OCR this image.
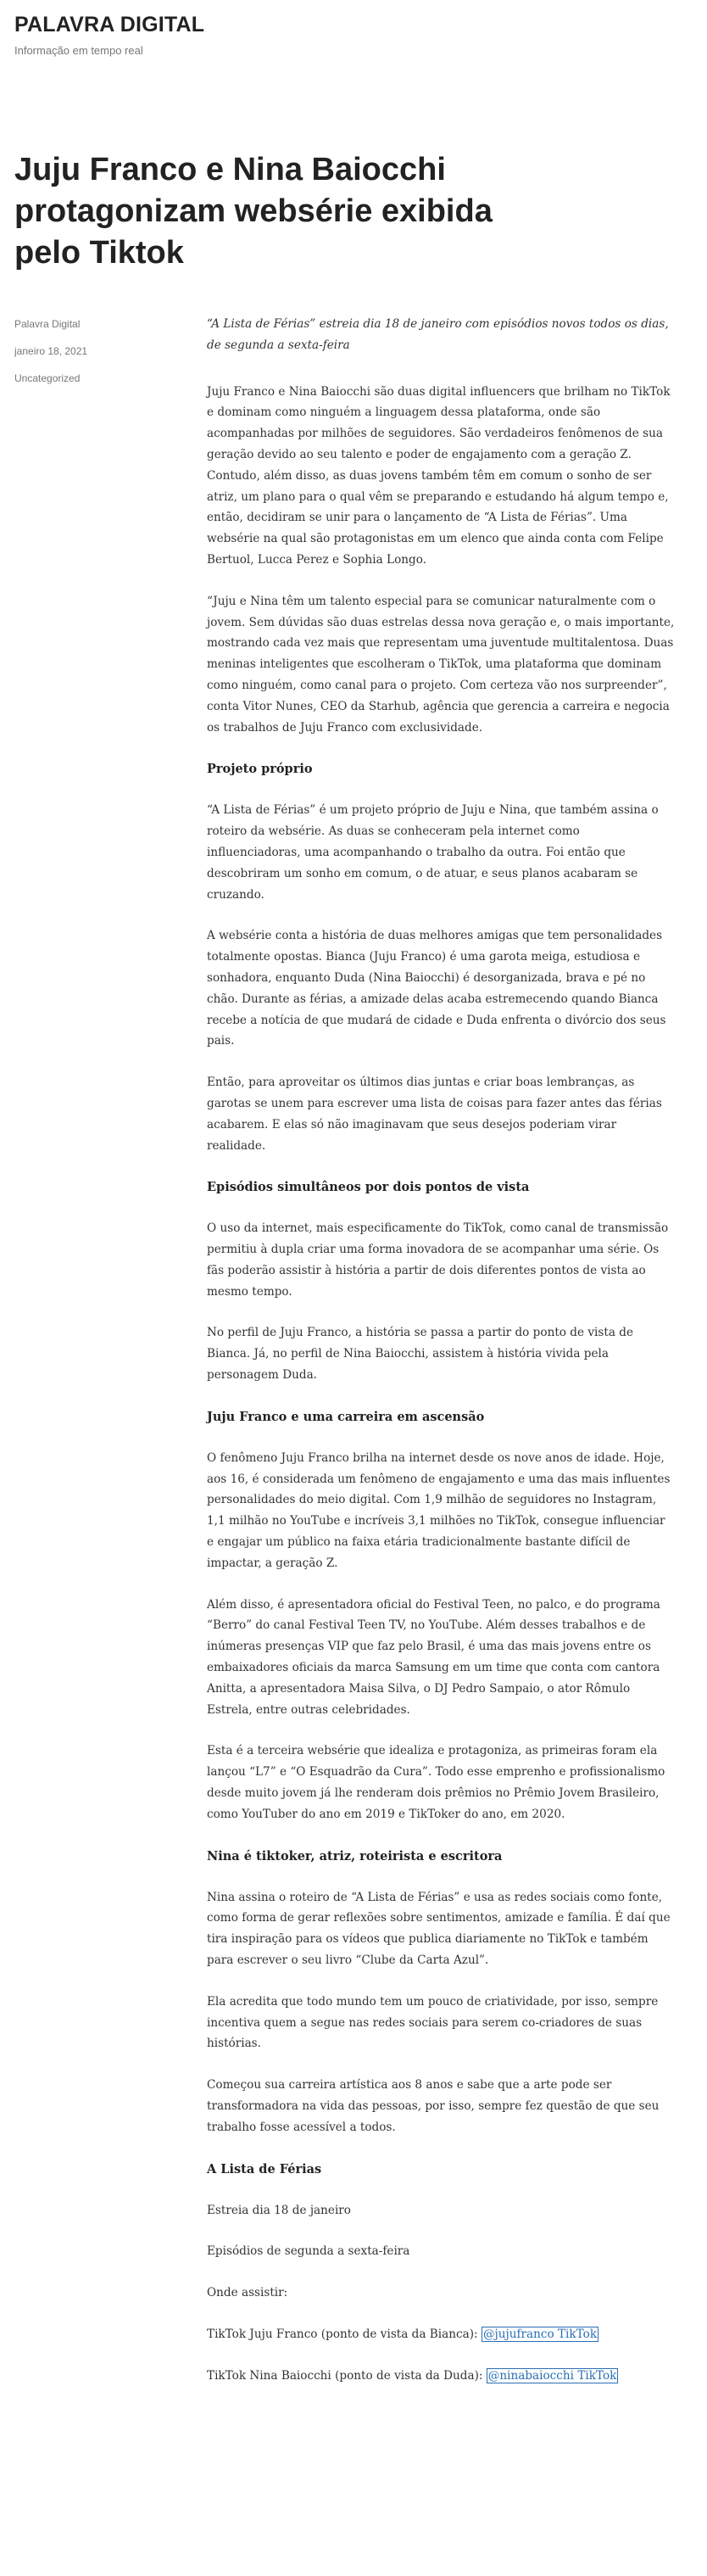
PALAVRA DIGITAL
Informação em tempo real
Juju Franco e Nina Baiocchi protagonizam websérie exibida pelo Tiktok
Palavra Digital
janeiro 18, 2021
Uncategorized

“A Lista de Férias” estreia dia 18 de janeiro com episódios novos todos os dias, de segunda a sexta-feira

Juju Franco e Nina Baiocchi são duas digital influencers que brilham no TikTok e dominam como ninguém a linguagem dessa plataforma, onde são acompanhadas por milhões de seguidores. São verdadeiros fenômenos de sua geração devido ao seu talento e poder de engajamento com a geração Z. Contudo, além disso, as duas jovens também têm em comum o sonho de ser atriz, um plano para o qual vêm se preparando e estudando há algum tempo e, então, decidiram se unir para o lançamento de “A Lista de Férias”. Uma websérie na qual são protagonistas em um elenco que ainda conta com Felipe Bertuol, Lucca Perez e Sophia Longo.

“Juju e Nina têm um talento especial para se comunicar naturalmente com o jovem. Sem dúvidas são duas estrelas dessa nova geração e, o mais importante, mostrando cada vez mais que representam uma juventude multitalentosa. Duas meninas inteligentes que escolheram o TikTok, uma plataforma que dominam como ninguém, como canal para o projeto. Com certeza vão nos surpreender”, conta Vitor Nunes, CEO da Starhub, agência que gerencia a carreira e negocia os trabalhos de Juju Franco com exclusividade.

Projeto próprio

“A Lista de Férias” é um projeto próprio de Juju e Nina, que também assina o roteiro da websérie. As duas se conheceram pela internet como influenciadoras, uma acompanhando o trabalho da outra. Foi então que descobriram um sonho em comum, o de atuar, e seus planos acabaram se cruzando.

A websérie conta a história de duas melhores amigas que tem personalidades totalmente opostas. Bianca (Juju Franco) é uma garota meiga, estudiosa e sonhadora, enquanto Duda (Nina Baiocchi) é desorganizada, brava e pé no chão. Durante as férias, a amizade delas acaba estremecendo quando Bianca recebe a notícia de que mudará de cidade e Duda enfrenta o divórcio dos seus pais.

Então, para aproveitar os últimos dias juntas e criar boas lembranças, as garotas se unem para escrever uma lista de coisas para fazer antes das férias acabarem. E elas só não imaginavam que seus desejos poderiam virar realidade.

Episódios simultâneos por dois pontos de vista

O uso da internet, mais especificamente do TikTok, como canal de transmissão permitiu à dupla criar uma forma inovadora de se acompanhar uma série. Os fãs poderão assistir à história a partir de dois diferentes pontos de vista ao mesmo tempo.

No perfil de Juju Franco, a história se passa a partir do ponto de vista de Bianca. Já, no perfil de Nina Baiocchi, assistem à história vivida pela personagem Duda.

Juju Franco e uma carreira em ascensão

O fenômeno Juju Franco brilha na internet desde os nove anos de idade. Hoje, aos 16, é considerada um fenômeno de engajamento e uma das mais influentes personalidades do meio digital. Com 1,9 milhão de seguidores no Instagram, 1,1 milhão no YouTube e incríveis 3,1 milhões no TikTok, consegue influenciar e engajar um público na faixa etária tradicionalmente bastante difícil de impactar, a geração Z.

Além disso, é apresentadora oficial do Festival Teen, no palco, e do programa “Berro” do canal Festival Teen TV, no YouTube. Além desses trabalhos e de inúmeras presenças VIP que faz pelo Brasil, é uma das mais jovens entre os embaixadores oficiais da marca Samsung em um time que conta com cantora Anitta, a apresentadora Maisa Silva, o DJ Pedro Sampaio, o ator Rômulo Estrela, entre outras celebridades.

Esta é a terceira websérie que idealiza e protagoniza, as primeiras foram ela lançou “L7” e “O Esquadrão da Cura”. Todo esse emprenho e profissionalismo desde muito jovem já lhe renderam dois prêmios no Prêmio Jovem Brasileiro, como YouTuber do ano em 2019 e TikToker do ano, em 2020.

Nina é tiktoker, atriz, roteirista e escritora

Nina assina o roteiro de “A Lista de Férias” e usa as redes sociais como fonte, como forma de gerar reflexões sobre sentimentos, amizade e família. É daí que tira inspiração para os vídeos que publica diariamente no TikTok e também para escrever o seu livro “Clube da Carta Azul”.

Ela acredita que todo mundo tem um pouco de criatividade, por isso, sempre incentiva quem a segue nas redes sociais para serem co-criadores de suas histórias.

Começou sua carreira artística aos 8 anos e sabe que a arte pode ser transformadora na vida das pessoas, por isso, sempre fez questão de que seu trabalho fosse acessível a todos.

A Lista de Férias

Estreia dia 18 de janeiro

Episódios de segunda a sexta-feira

Onde assistir:

TikTok Juju Franco (ponto de vista da Bianca): @jujufranco TikTok

TikTok Nina Baiocchi (ponto de vista da Duda): @ninabaiocchi TikTok
